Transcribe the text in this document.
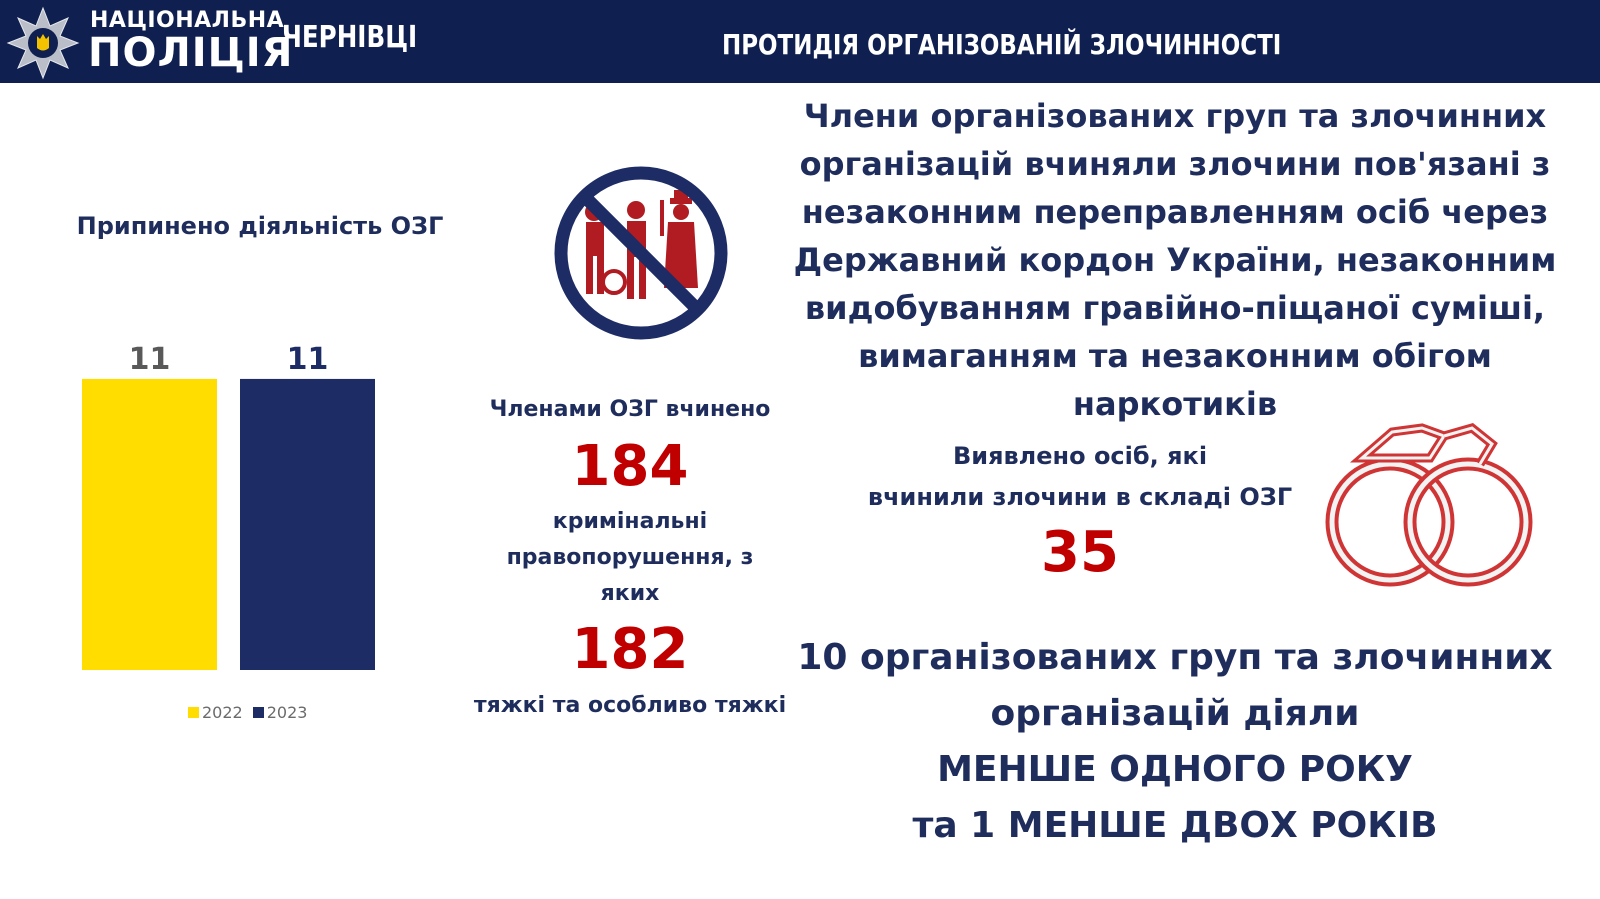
НАЦІОНАЛЬНА
ПОЛІЦІЯ
ЧЕРНІВЦІ	ПРОТИДІЯ ОРГАНІЗОВАНІЙ ЗЛОЧИННОСТІ
Припинено діяльність ОЗГ
11	11
2022 2023
Члени організованих груп та злочинних організацій вчиняли злочини пов'язані з незаконним переправленням осіб через Державний кордон України, незаконним видобуванням гравійно-піщаної суміші, вимаганням та незаконним обігом наркотиків
Членами ОЗГ вчинено
184
кримінальні
правопорушення, з
яких
182
тяжкі та особливо тяжкі
Виявлено осіб, які
вчинили злочини в складі ОЗГ
35
10 організованих груп та злочинних
організацій діяли
МЕНШЕ ОДНОГО РОКУ
та 1 МЕНШЕ ДВОХ РОКІВ
